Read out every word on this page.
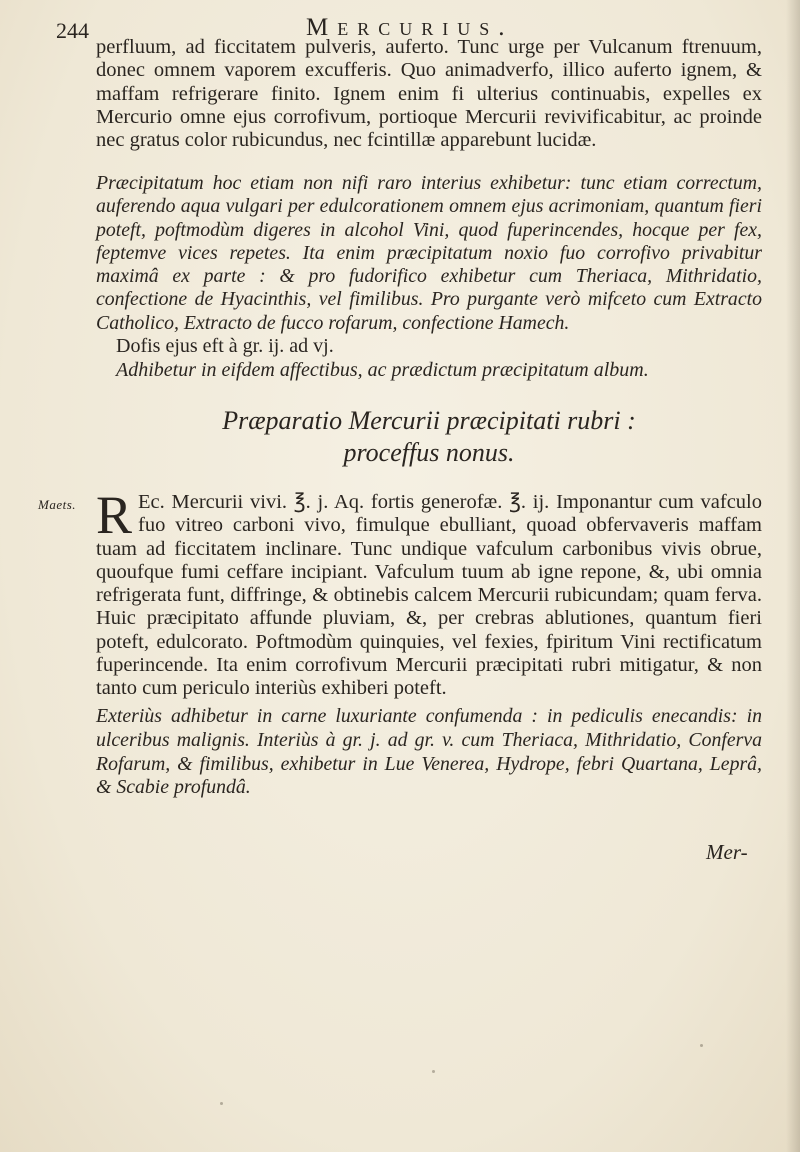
244	Mercurius.
perfluum, ad ficcitatem pulveris, auferto. Tunc urge per Vulcanum ftrenuum, donec omnem vaporem excufferis. Quo animadverfo, illico auferto ignem, & maffam refrigerare finito. Ignem enim fi ulterius continuabis, expelles ex Mercurio omne ejus corrofivum, portioque Mercurii revivificabitur, ac proinde nec gratus color rubicundus, nec fcintillæ apparebunt lucidæ.
Præcipitatum hoc etiam non nifi raro interius exhibetur: tunc etiam correctum, auferendo aqua vulgari per edulcorationem omnem ejus acrimoniam, quantum fieri poteft, poftmodùm digeres in alcohol Vini, quod fuperincendes, hocque per fex, feptemve vices repetes. Ita enim præcipitatum noxio fuo corrofivo privabitur maximâ ex parte : & pro fudorifico exhibetur cum Theriaca, Mithridatio, confectione de Hyacinthis, vel fimilibus. Pro purgante verò mifceto cum Extracto Catholico, Extracto de fucco rofarum, confectione Hamech.
Præparatio Mercurii præcipitati rubri :
proceffus nonus.
Maets. R Ec. Mercurii vivi. ℥. j. Aq. fortis generofæ. ℥. ij. Imponantur cum vafculo fuo vitreo carboni vivo, fimulque ebulliant, quoad obfervaveris maffam tuam ad ficcitatem inclinare. Tunc undique vafculum carbonibus vivis obrue, quoufque fumi ceffare incipiant. Vafculum tuum ab igne repone, &, ubi omnia refrigerata funt, diffringe, & obtinebis calcem Mercurii rubicundam; quam ferva. Huic præcipitato affunde pluviam, &, per crebras ablutiones, quantum fieri poteft, edulcorato. Poftmodùm quinquies, vel fexies, fpiritum Vini rectificatum fuperincende. Ita enim corrofivum Mercurii præcipitati rubri mitigatur, & non tanto cum periculo interiùs exhiberi poteft.
Exteriùs adhibetur in carne luxuriante confumenda : in pediculis enecandis: in ulceribus malignis. Interiùs à gr. j. ad gr. v. cum Theriaca, Mithridatio, Conferva Rofarum, & fimilibus, exhibetur in Lue Venerea, Hydrope, febri Quartana, Leprâ, & Scabie profundâ.
Mer-
Dofis ejus eft à gr. ij. ad vj.
Adhibetur in eifdem affectibus, ac prædictum præcipitatum album.
